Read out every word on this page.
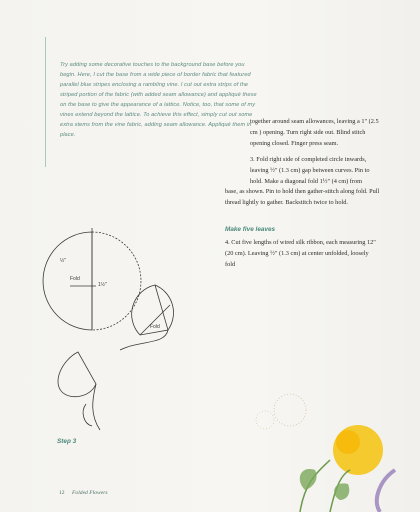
Try adding some decorative touches to the background base before you begin. Here, I cut the base from a wide piece of border fabric that featured parallel blue stripes enclosing a rambling vine. I cut out extra strips of the striped portion of the fabric (with added seam allowance) and appliqué these on the base to give the appearance of a lattice. Notice, too, that some of my vines extend beyond the lattice. To achieve this effect, simply cut out some extra stems from the vine fabric, adding seam allowance. Appliqué them in place.
together around seam allowances, leaving a 1" (2.5 cm ) opening. Turn right side out. Blind stitch opening closed. Finger press seam.
3. Fold right side of completed circle inwards, leaving ½" (1.3 cm) gap between curves. Pin to hold. Make a diagonal fold 1½" (4 cm) from
base, as shown. Pin to hold then gather-stitch along fold. Pull thread lightly to gather. Backstitch twice to hold.
Make five leaves
4. Cut five lengths of wired silk ribbon, each measuring 12" (20 cm). Leaving ½" (1.3 cm) at center unfolded, loosely fold
Fold
½"
1½"
Fold
Step 3
12 Folded Flowers
